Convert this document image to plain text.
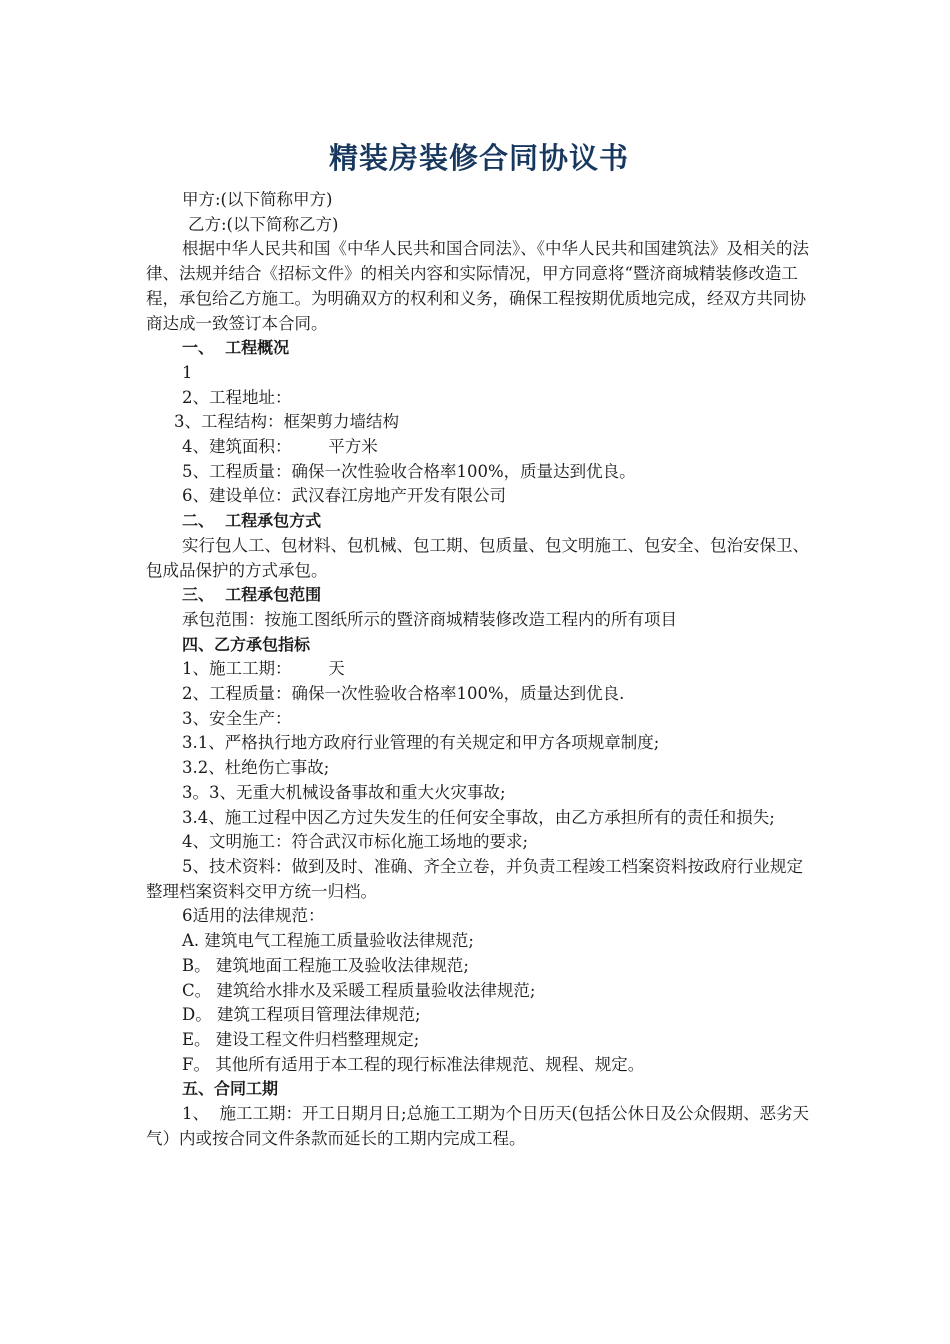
精装房装修合同协议书

甲方:(以下简称甲方)

乙方:(以下简称乙方)

根据中华人民共和国《中华人民共和国合同法》、《中华人民共和国建筑法》及相关的法律、法规并结合《招标文件》的相关内容和实际情况，甲方同意将“暨济商城精装修改造工程，承包给乙方施工。为明确双方的权利和义务，确保工程按期优质地完成，经双方共同协商达成一致签订本合同。

一、  工程概况

1

2、工程地址：

3、工程结构：框架剪力墙结构

4、建筑面积：       平方米

5、工程质量：确保一次性验收合格率100%，质量达到优良。

6、建设单位：武汉春江房地产开发有限公司

二、  工程承包方式

实行包人工、包材料、包机械、包工期、包质量、包文明施工、包安全、包治安保卫、包成品保护的方式承包。

三、  工程承包范围

承包范围：按施工图纸所示的暨济商城精装修改造工程内的所有项目

四、乙方承包指标

1、施工工期：       天

2、工程质量：确保一次性验收合格率100%，质量达到优良.

3、安全生产：

3.1、严格执行地方政府行业管理的有关规定和甲方各项规章制度;

3.2、杜绝伤亡事故;

3。3、无重大机械设备事故和重大火灾事故;

3.4、施工过程中因乙方过失发生的任何安全事故，由乙方承担所有的责任和损失;

4、文明施工：符合武汉市标化施工场地的要求;

5、技术资料：做到及时、准确、齐全立卷，并负责工程竣工档案资料按政府行业规定整理档案资料交甲方统一归档。

6适用的法律规范：

A. 建筑电气工程施工质量验收法律规范;

B。 建筑地面工程施工及验收法律规范;

C。 建筑给水排水及采暖工程质量验收法律规范;

D。 建筑工程项目管理法律规范;

E。 建设工程文件归档整理规定;

F。 其他所有适用于本工程的现行标准法律规范、规程、规定。

五、合同工期

1、  施工工期：开工日期月日;总施工工期为个日历天(包括公休日及公众假期、恶劣天气）内或按合同文件条款而延长的工期内完成工程。
